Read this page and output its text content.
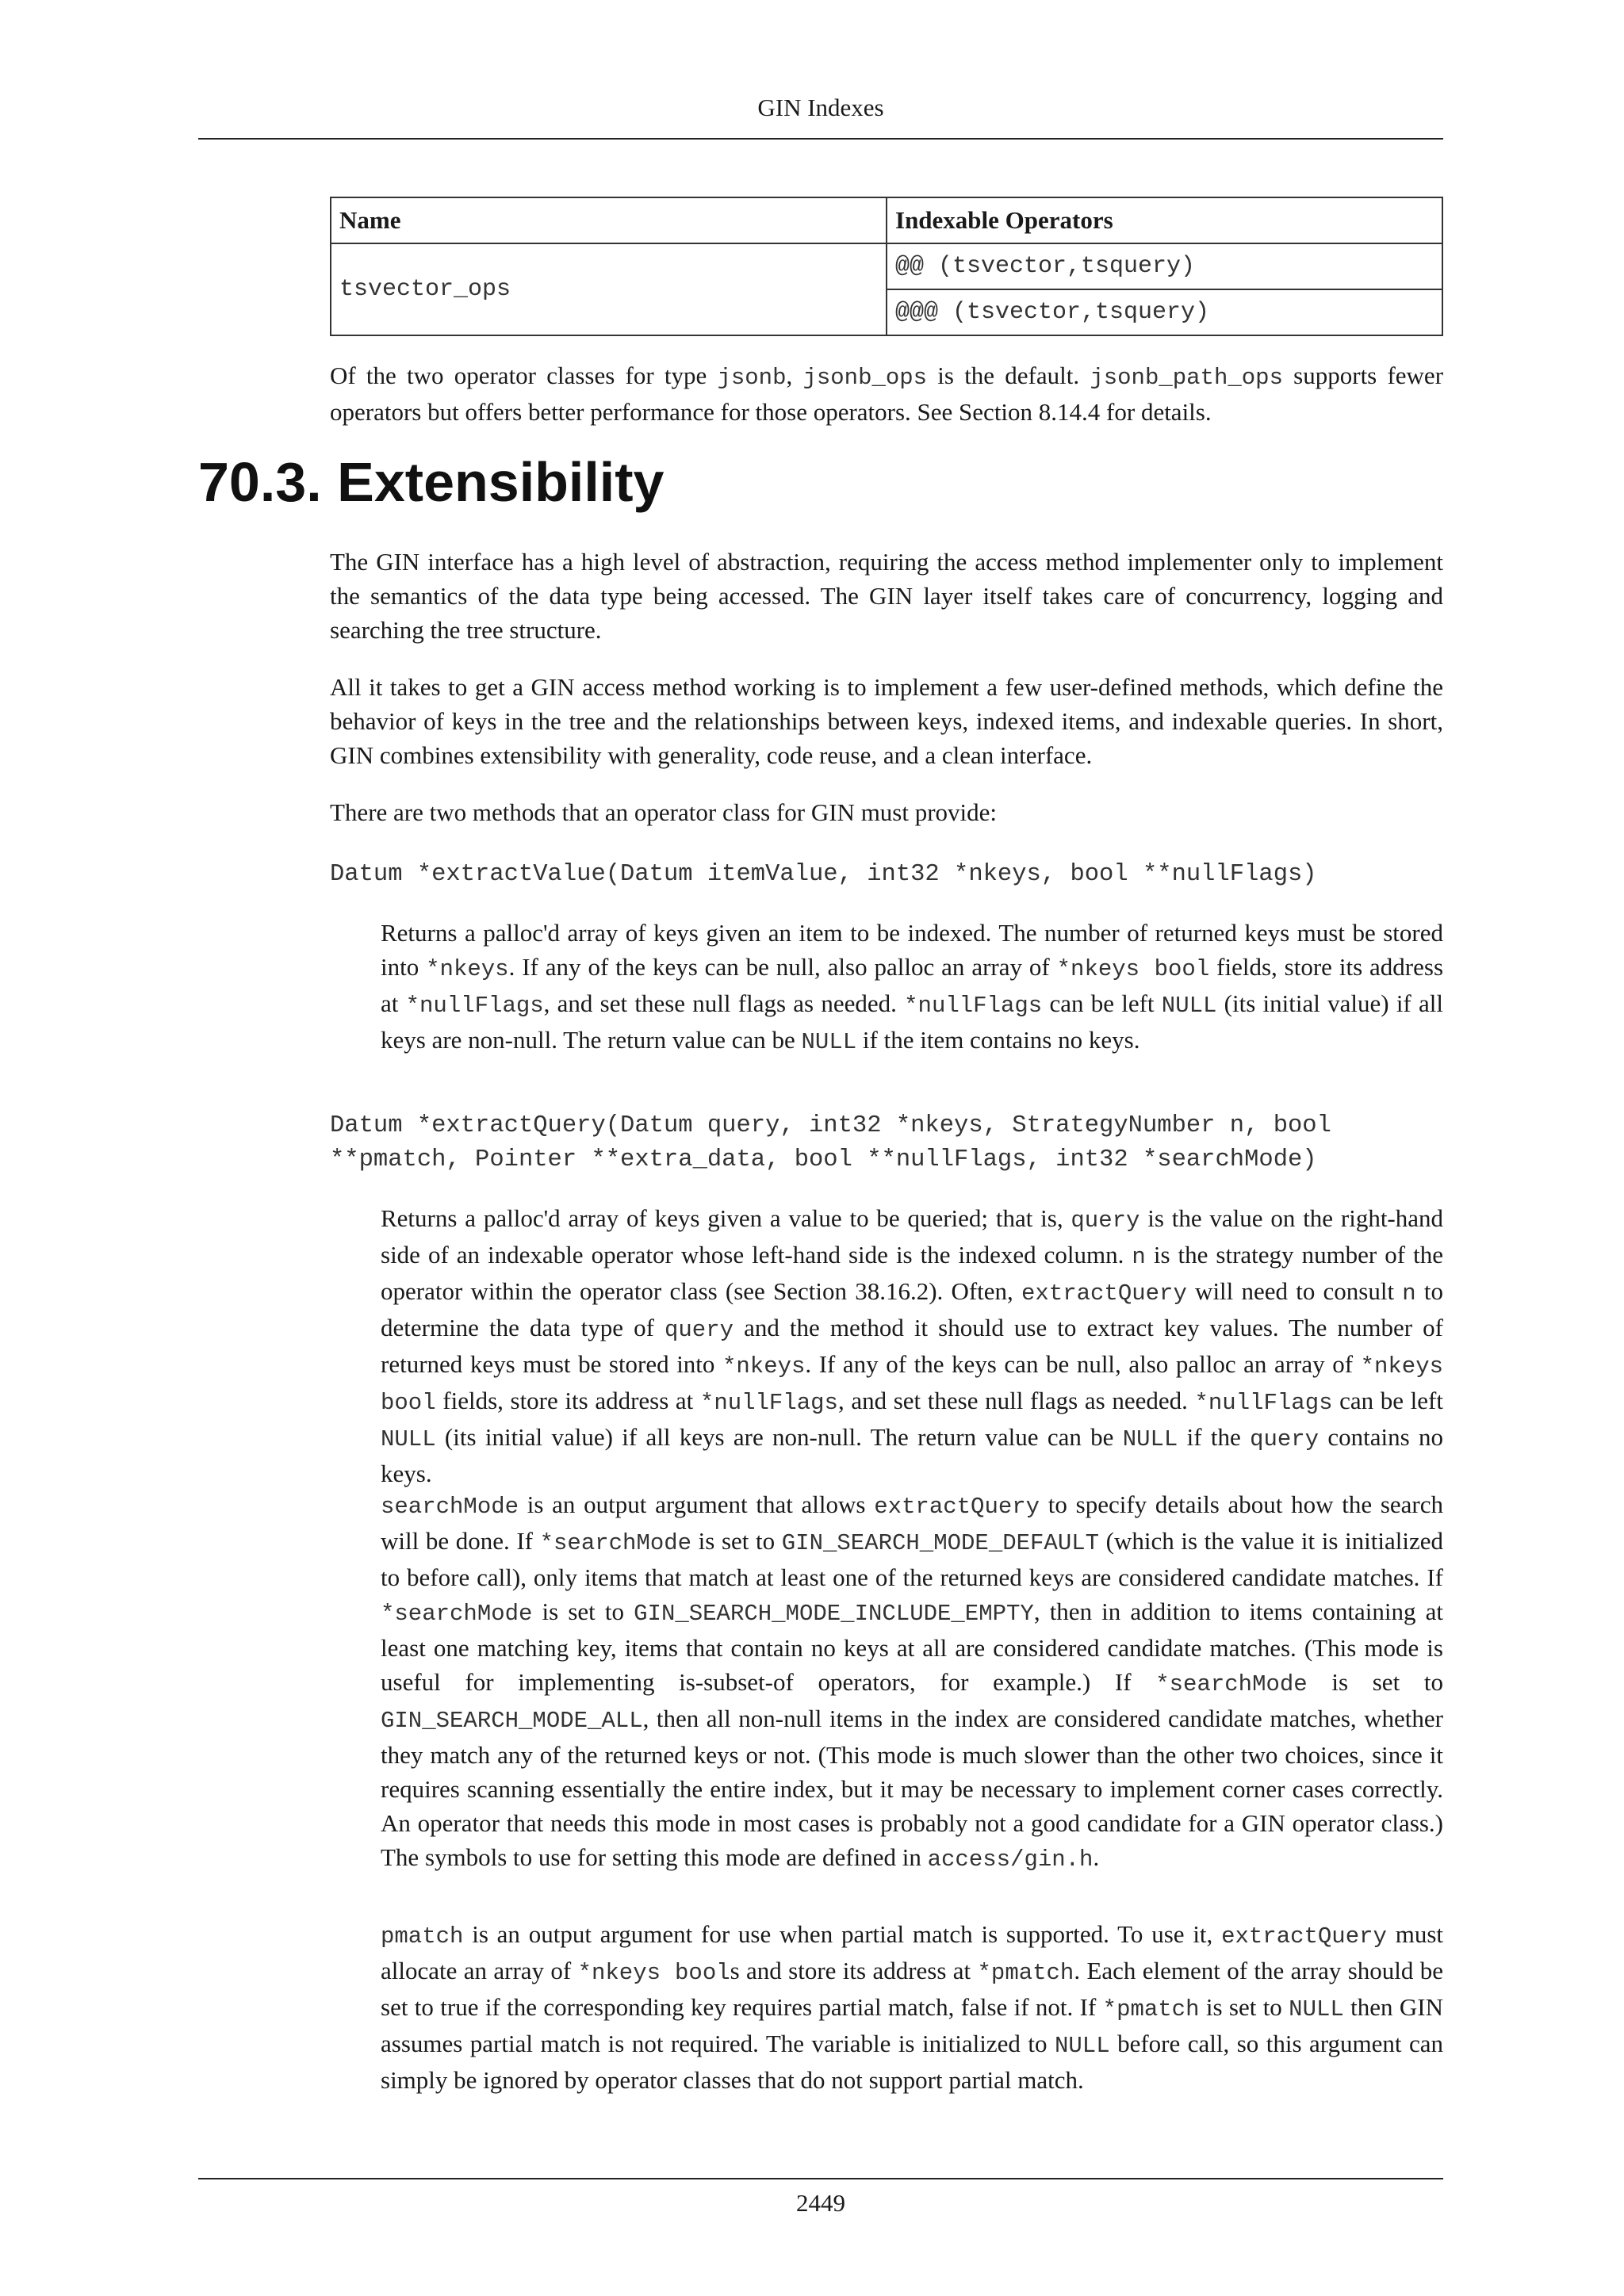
GIN Indexes
Name	Indexable Operators
tsvector_ops	@@ (tsvector,tsquery)
	@@@ (tsvector,tsquery)
Of the two operator classes for type jsonb, jsonb_ops is the default. jsonb_path_ops supports fewer operators but offers better performance for those operators. See Section 8.14.4 for details.
70.3. Extensibility
The GIN interface has a high level of abstraction, requiring the access method implementer only to implement the semantics of the data type being accessed. The GIN layer itself takes care of concurrency, logging and searching the tree structure.
All it takes to get a GIN access method working is to implement a few user-defined methods, which define the behavior of keys in the tree and the relationships between keys, indexed items, and indexable queries. In short, GIN combines extensibility with generality, code reuse, and a clean interface.
There are two methods that an operator class for GIN must provide:
Datum *extractValue(Datum itemValue, int32 *nkeys, bool **nullFlags)
Returns a palloc'd array of keys given an item to be indexed. The number of returned keys must be stored into *nkeys. If any of the keys can be null, also palloc an array of *nkeys bool fields, store its address at *nullFlags, and set these null flags as needed. *nullFlags can be left NULL (its initial value) if all keys are non-null. The return value can be NULL if the item contains no keys.
Datum *extractQuery(Datum query, int32 *nkeys, StrategyNumber n, bool
**pmatch, Pointer **extra_data, bool **nullFlags, int32 *searchMode)
Returns a palloc'd array of keys given a value to be queried; that is, query is the value on the right-hand side of an indexable operator whose left-hand side is the indexed column. n is the strategy number of the operator within the operator class (see Section 38.16.2). Often, extractQuery will need to consult n to determine the data type of query and the method it should use to extract key values. The number of returned keys must be stored into *nkeys. If any of the keys can be null, also palloc an array of *nkeys bool fields, store its address at *nullFlags, and set these null flags as needed. *nullFlags can be left NULL (its initial value) if all keys are non-null. The return value can be NULL if the query contains no keys.
searchMode is an output argument that allows extractQuery to specify details about how the search will be done. If *searchMode is set to GIN_SEARCH_MODE_DEFAULT (which is the value it is initialized to before call), only items that match at least one of the returned keys are considered candidate matches. If *searchMode is set to GIN_SEARCH_MODE_INCLUDE_EMPTY, then in addition to items containing at least one matching key, items that contain no keys at all are considered candidate matches. (This mode is useful for implementing is-subset-of operators, for example.) If *searchMode is set to GIN_SEARCH_MODE_ALL, then all non-null items in the index are considered candidate matches, whether they match any of the returned keys or not. (This mode is much slower than the other two choices, since it requires scanning essentially the entire index, but it may be necessary to implement corner cases correctly. An operator that needs this mode in most cases is probably not a good candidate for a GIN operator class.) The symbols to use for setting this mode are defined in access/gin.h.
pmatch is an output argument for use when partial match is supported. To use it, extractQuery must allocate an array of *nkeys bools and store its address at *pmatch. Each element of the array should be set to true if the corresponding key requires partial match, false if not. If *pmatch is set to NULL then GIN assumes partial match is not required. The variable is initialized to NULL before call, so this argument can simply be ignored by operator classes that do not support partial match.
2449
